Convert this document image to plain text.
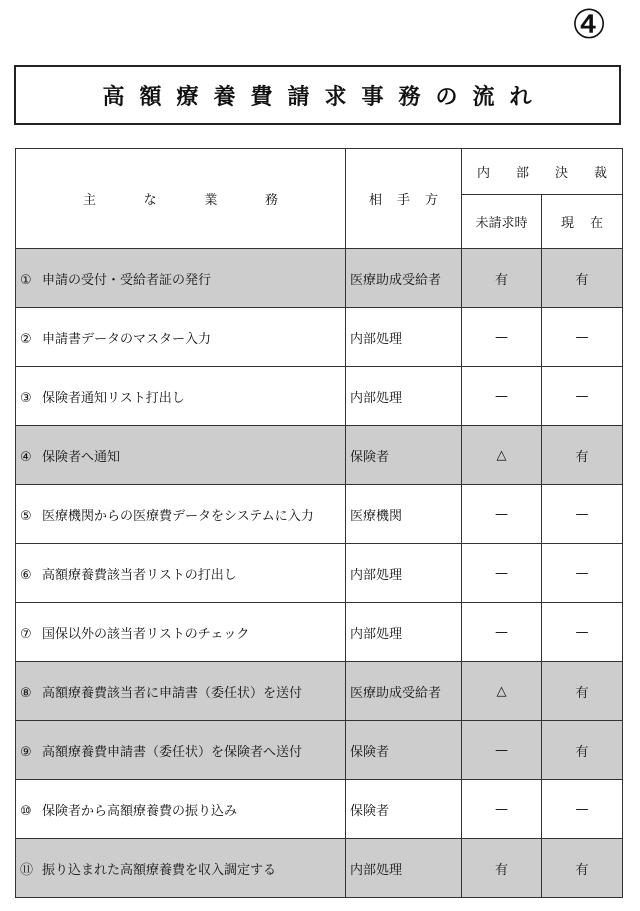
④
高額療養費請求事務の流れ
主 な 業 務	相 手 方	内 部 決 裁	

		未請求時	現 在

① 申請の受付・受給者証の発行	医療助成受給者	有	有
② 申請書データのマスター入力	内部処理	—	—
③ 保険者通知リスト打出し	内部処理	—	—
④ 保険者へ通知	保険者	△	有
⑤ 医療機関からの医療費データをシステムに入力	医療機関	—	—
⑥ 高額療養費該当者リストの打出し	内部処理	—	—
⑦ 国保以外の該当者リストのチェック	内部処理	—	—
⑧ 高額療養費該当者に申請書（委任状）を送付	医療助成受給者	△	有
⑨ 高額療養費申請書（委任状）を保険者へ送付	保険者	—	有
⑩ 保険者から高額療養費の振り込み	保険者	—	—
⑪ 振り込まれた高額療養費を収入調定する	内部処理	有	有
